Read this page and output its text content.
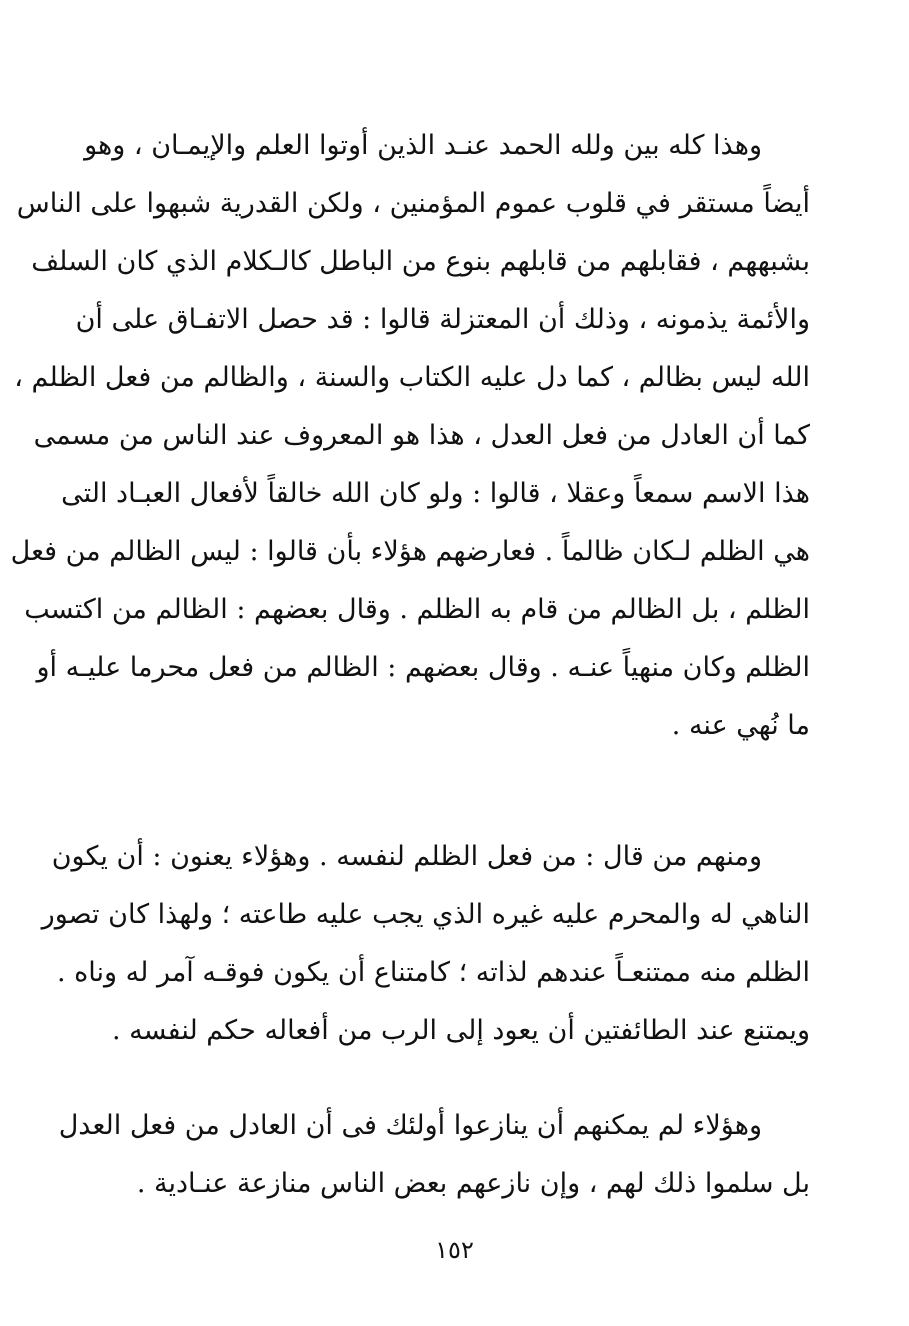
وهذا كله بين ولله الحمد عنـد الذين أوتوا العلم والإيمـان ، وهو
أيضاً مستقر في قلوب عموم المؤمنين ، ولكن القدرية شبهوا على الناس
بشبههم ، فقابلهم من قابلهم بنوع من الباطل كالـكلام الذي كان السلف
والأئمة يذمونه ، وذلك أن المعتزلة قالوا : قد حصل الاتفـاق على أن
الله ليس بظالم ، كما دل عليه الكتاب والسنة ، والظالم من فعل الظلم ،
كما أن العادل من فعل العدل ، هذا هو المعروف عند الناس من مسمى
هذا الاسم سمعاً وعقلا ، قالوا : ولو كان الله خالقاً لأفعال العبـاد التى
هي الظلم لـكان ظالماً . فعارضهم هؤلاء بأن قالوا : ليس الظالم من فعل
الظلم ، بل الظالم من قام به الظلم . وقال بعضهم : الظالم من اكتسب
الظلم وكان منهياً عنـه . وقال بعضهم : الظالم من فعل محرما عليـه أو
ما نُهي عنه .
ومنهم من قال : من فعل الظلم لنفسه . وهؤلاء يعنون : أن يكون
الناهي له والمحرم عليه غيره الذي يجب عليه طاعته ؛ ولهذا كان تصور
الظلم منه ممتنعـاً عندهم لذاته ؛ كامتناع أن يكون فوقـه آمر له وناه .
ويمتنع عند الطائفتين أن يعود إلى الرب من أفعاله حكم لنفسه .
وهؤلاء لم يمكنهم أن ينازعوا أولئك فى أن العادل من فعل العدل
بل سلموا ذلك لهم ، وإن نازعهم بعض الناس منازعة عنـادية .
١٥٢
